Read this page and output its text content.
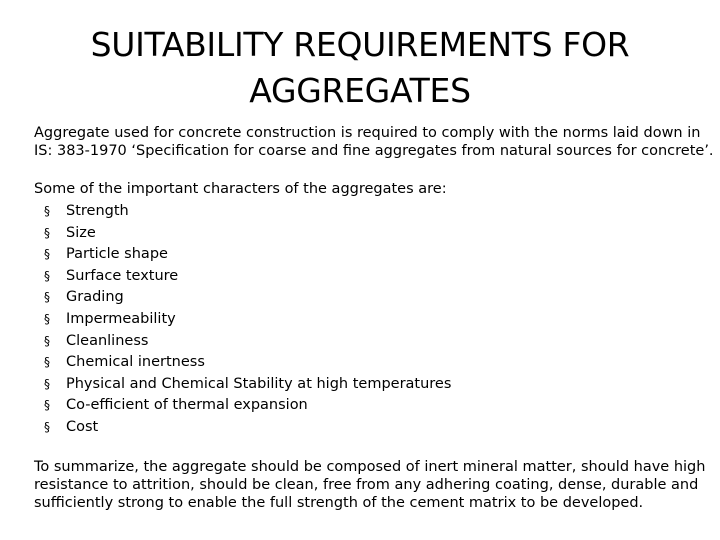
SUITABILITY REQUIREMENTS FOR
AGGREGATES

Aggregate used for concrete construction is required to comply with the norms laid down in
IS: 383-1970 ‘Specification for coarse and fine aggregates from natural sources for concrete’.

Some of the important characters of the aggregates are:

§	Strength
§	Size
§	Particle shape
§	Surface texture
§	Grading
§	Impermeability
§	Cleanliness
§	Chemical inertness
§	Physical and Chemical Stability at high temperatures
§	Co-efficient of thermal expansion
§	Cost

To summarize, the aggregate should be composed of inert mineral matter, should have high
resistance to attrition, should be clean, free from any adhering coating, dense, durable and
sufficiently strong to enable the full strength of the cement matrix to be developed.
